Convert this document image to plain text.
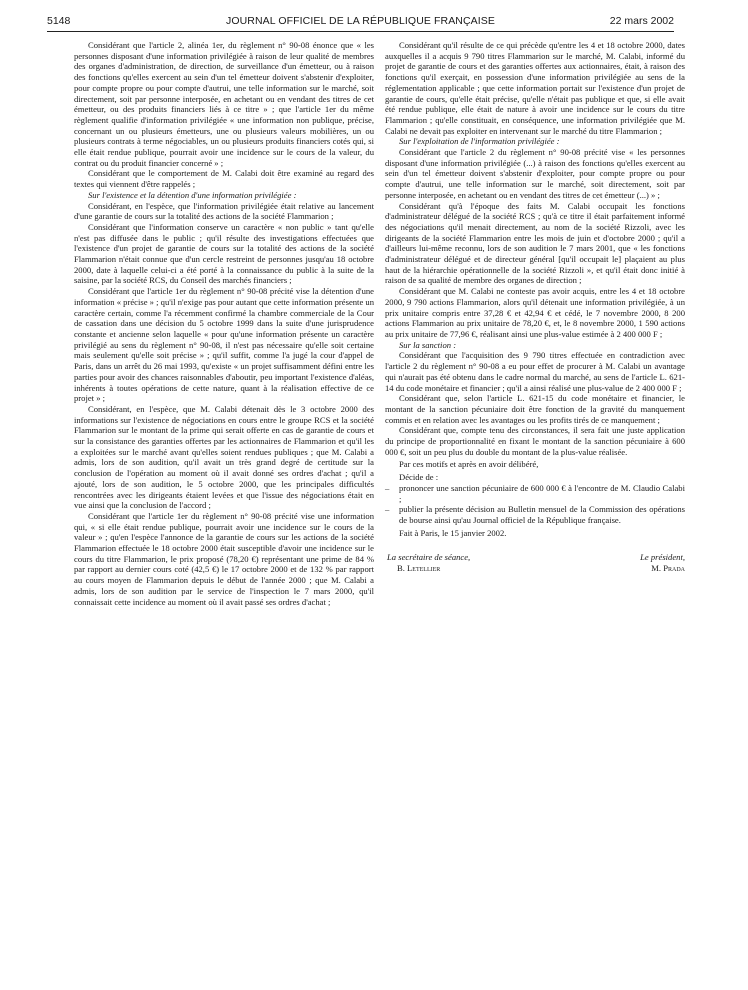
5148	JOURNAL OFFICIEL DE LA RÉPUBLIQUE FRANÇAISE	22 mars 2002

Considérant que l'article 2, alinéa 1er, du règlement n° 90-08 énonce que « les personnes disposant d'une information privilégiée à raison de leur qualité de membres des organes d'administration, de direction, de surveillance d'un émetteur, ou à raison des fonctions qu'elles exercent au sein d'un tel émetteur doivent s'abstenir d'exploiter, pour compte propre ou pour compte d'autrui, une telle information sur le marché, soit directement, soit par personne interposée, en achetant ou en vendant des titres de cet émetteur, ou des produits financiers liés à ce titre » ; que l'article 1er du même règlement qualifie d'information privilégiée « une information non publique, précise, concernant un ou plusieurs émetteurs, une ou plusieurs valeurs mobilières, un ou plusieurs contrats à terme négociables, un ou plusieurs produits financiers cotés qui, si elle était rendue publique, pourrait avoir une incidence sur le cours de la valeur, du contrat ou du produit financier concerné » ;

Considérant que le comportement de M. Calabi doit être examiné au regard des textes qui viennent d'être rappelés ;

Sur l'existence et la détention d'une information privilégiée :

Considérant, en l'espèce, que l'information privilégiée était relative au lancement d'une garantie de cours sur la totalité des actions de la société Flammarion ;

Considérant que l'information conserve un caractère « non public » tant qu'elle n'est pas diffusée dans le public ; qu'il résulte des investigations effectuées que l'existence d'un projet de garantie de cours sur la totalité des actions de la société Flammarion n'était connue que d'un cercle restreint de personnes jusqu'au 18 octobre 2000, date à laquelle celui-ci a été porté à la connaissance du public à la suite de la saisine, par la société RCS, du Conseil des marchés financiers ;

Considérant que l'article 1er du règlement n° 90-08 précité vise la détention d'une information « précise » ; qu'il n'exige pas pour autant que cette information présente un caractère certain, comme l'a récemment confirmé la chambre commerciale de la Cour de cassation dans une décision du 5 octobre 1999 dans la suite d'une jurisprudence constante et ancienne selon laquelle « pour qu'une information présente un caractère privilégié au sens du règlement n° 90-08, il n'est pas nécessaire qu'elle soit certaine mais seulement qu'elle soit précise » ; qu'il suffit, comme l'a jugé la cour d'appel de Paris, dans un arrêt du 26 mai 1993, qu'existe « un projet suffisamment défini entre les parties pour avoir des chances raisonnables d'aboutir, peu important l'existence d'aléas, inhérents à toutes opérations de cette nature, quant à la réalisation effective de ce projet » ;

Considérant, en l'espèce, que M. Calabi détenait dès le 3 octobre 2000 des informations sur l'existence de négociations en cours entre le groupe RCS et la société Flammarion sur le montant de la prime qui serait offerte en cas de garantie de cours et sur la consistance des garanties offertes par les actionnaires de Flammarion et qu'il les a exploitées sur le marché avant qu'elles soient rendues publiques ; que M. Calabi a admis, lors de son audition, qu'il avait un très grand degré de certitude sur la conclusion de l'opération au moment où il avait donné ses ordres d'achat ; qu'il a ajouté, lors de son audition, le 5 octobre 2000, que les principales difficultés rencontrées avec les dirigeants étaient levées et que l'issue des négociations était en vue ainsi que la conclusion de l'accord ;

Considérant que l'article 1er du règlement n° 90-08 précité vise une information qui, « si elle était rendue publique, pourrait avoir une incidence sur le cours de la valeur » ; qu'en l'espèce l'annonce de la garantie de cours sur les actions de la société Flammarion effectuée le 18 octobre 2000 était susceptible d'avoir une incidence sur le cours du titre Flammarion, le prix proposé (78,20 €) représentant une prime de 84 % par rapport au dernier cours coté (42,5 €) le 17 octobre 2000 et de 132 % par rapport au cours moyen de Flammarion depuis le début de l'année 2000 ; que M. Calabi a admis, lors de son audition par le service de l'inspection le 7 mars 2000, qu'il connaissait cette incidence au moment où il avait passé ses ordres d'achat ;

Considérant qu'il résulte de ce qui précède qu'entre les 4 et 18 octobre 2000, dates auxquelles il a acquis 9 790 titres Flammarion sur le marché, M. Calabi, informé du projet de garantie de cours et des garanties offertes aux actionnaires, était, à raison des fonctions qu'il exerçait, en possession d'une information privilégiée au sens de la réglementation applicable ; que cette information portait sur l'existence d'un projet de garantie de cours, qu'elle était précise, qu'elle n'était pas publique et que, si elle avait été rendue publique, elle était de nature à avoir une incidence sur le cours du titre Flammarion ; qu'elle constituait, en conséquence, une information privilégiée que M. Calabi ne devait pas exploiter en intervenant sur le marché du titre Flammarion ;

Sur l'exploitation de l'information privilégiée :

Considérant que l'article 2 du règlement n° 90-08 précité vise « les personnes disposant d'une information privilégiée (...) à raison des fonctions qu'elles exercent au sein d'un tel émetteur doivent s'abstenir d'exploiter, pour compte propre ou pour compte d'autrui, une telle information sur le marché, soit directement, soit par personne interposée, en achetant ou en vendant des titres de cet émetteur (...) » ;

Considérant qu'à l'époque des faits M. Calabi occupait les fonctions d'administrateur délégué de la société RCS ; qu'à ce titre il était parfaitement informé des négociations qu'il menait directement, au nom de la société Rizzoli, avec les dirigeants de la société Flammarion entre les mois de juin et d'octobre 2000 ; qu'il a d'ailleurs lui-même reconnu, lors de son audition le 7 mars 2001, que « les fonctions d'administrateur délégué et de directeur général [qu'il occupait le] plaçaient au plus haut de la hiérarchie opérationnelle de la société Rizzoli », et qu'il était donc initié à raison de sa qualité de membre des organes de direction ;

Considérant que M. Calabi ne conteste pas avoir acquis, entre les 4 et 18 octobre 2000, 9 790 actions Flammarion, alors qu'il détenait une information privilégiée, à un prix unitaire compris entre 37,28 € et 42,94 € et cédé, le 7 novembre 2000, 8 200 actions Flammarion au prix unitaire de 78,20 €, et, le 8 novembre 2000, 1 590 actions au prix unitaire de 77,96 €, réalisant ainsi une plus-value estimée à 2 400 000 F ;

Sur la sanction :

Considérant que l'acquisition des 9 790 titres effectuée en contradiction avec l'article 2 du règlement n° 90-08 a eu pour effet de procurer à M. Calabi un avantage qui n'aurait pas été obtenu dans le cadre normal du marché, au sens de l'article L. 621-14 du code monétaire et financier ; qu'il a ainsi réalisé une plus-value de 2 400 000 F ;

Considérant que, selon l'article L. 621-15 du code monétaire et financier, le montant de la sanction pécuniaire doit être fonction de la gravité du manquement commis et en relation avec les avantages ou les profits tirés de ce manquement ;

Considérant que, compte tenu des circonstances, il sera fait une juste application du principe de proportionnalité en fixant le montant de la sanction pécuniaire à 600 000 €, soit un peu plus du double du montant de la plus-value réalisée.

Par ces motifs et après en avoir délibéré,

Décide de :

– prononcer une sanction pécuniaire de 600 000 € à l'encontre de M. Claudio Calabi ;
– publier la présente décision au Bulletin mensuel de la Commission des opérations de bourse ainsi qu'au Journal officiel de la République française.

Fait à Paris, le 15 janvier 2002.

La secrétaire de séance,
B. Letellier
Le président,
M. Prada
